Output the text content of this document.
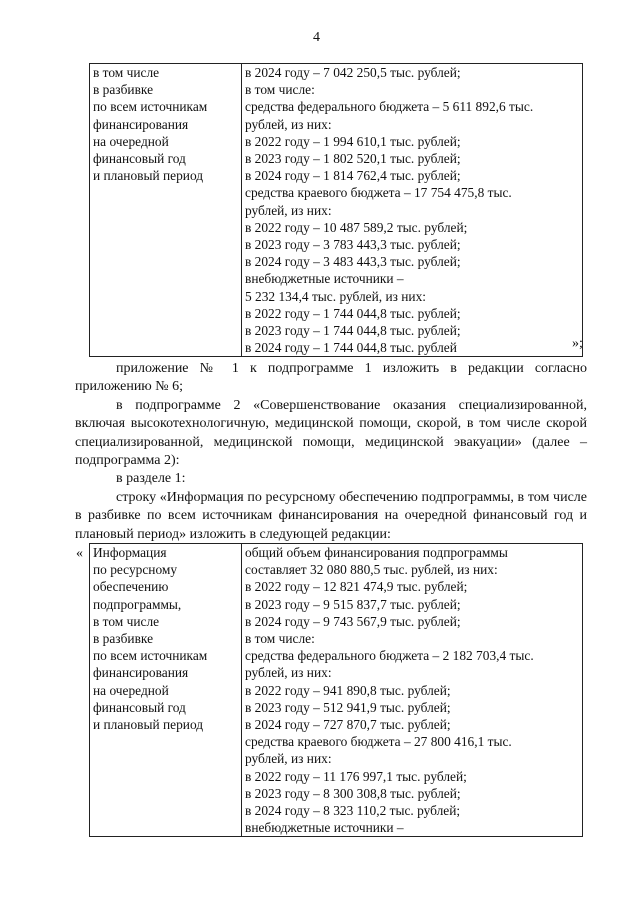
4
в том числе
в разбивке
по всем источникам
финансирования
на очередной
финансовый год
и плановый период

в 2024 году – 7 042 250,5 тыс. рублей;
в том числе:
средства федерального бюджета – 5 611 892,6 тыс.
рублей, из них:
в 2022 году – 1 994 610,1 тыс. рублей;
в 2023 году – 1 802 520,1 тыс. рублей;
в 2024 году – 1 814 762,4 тыс. рублей;
средства краевого бюджета – 17 754 475,8 тыс.
рублей, из них:
в 2022 году – 10 487 589,2 тыс. рублей;
в 2023 году – 3 783 443,3 тыс. рублей;
в 2024 году – 3 483 443,3 тыс. рублей;
внебюджетные источники –
5 232 134,4 тыс. рублей, из них:
в 2022 году – 1 744 044,8 тыс. рублей;
в 2023 году – 1 744 044,8 тыс. рублей;
в 2024 году – 1 744 044,8 тыс. рублей	»;

приложение № 1 к подпрограмме 1 изложить в редакции согласно приложению № 6;

в подпрограмме 2 «Совершенствование оказания специализированной, включая высокотехнологичную, медицинской помощи, скорой, в том числе скорой специализированной, медицинской помощи, медицинской эвакуации» (далее – подпрограмма 2):

в разделе 1:

строку «Информация по ресурсному обеспечению подпрограммы, в том числе в разбивке по всем источникам финансирования на очередной финансовый год и плановый период» изложить в следующей редакции:

« Информация
по ресурсному
обеспечению
подпрограммы,
в том числе
в разбивке
по всем источникам
финансирования
на очередной
финансовый год
и плановый период

общий объем финансирования подпрограммы
составляет 32 080 880,5 тыс. рублей, из них:
в 2022 году – 12 821 474,9 тыс. рублей;
в 2023 году – 9 515 837,7 тыс. рублей;
в 2024 году – 9 743 567,9 тыс. рублей;
в том числе:
средства федерального бюджета – 2 182 703,4 тыс.
рублей, из них:
в 2022 году – 941 890,8 тыс. рублей;
в 2023 году – 512 941,9 тыс. рублей;
в 2024 году – 727 870,7 тыс. рублей;
средства краевого бюджета – 27 800 416,1 тыс.
рублей, из них:
в 2022 году – 11 176 997,1 тыс. рублей;
в 2023 году – 8 300 308,8 тыс. рублей;
в 2024 году – 8 323 110,2 тыс. рублей;
внебюджетные источники –
